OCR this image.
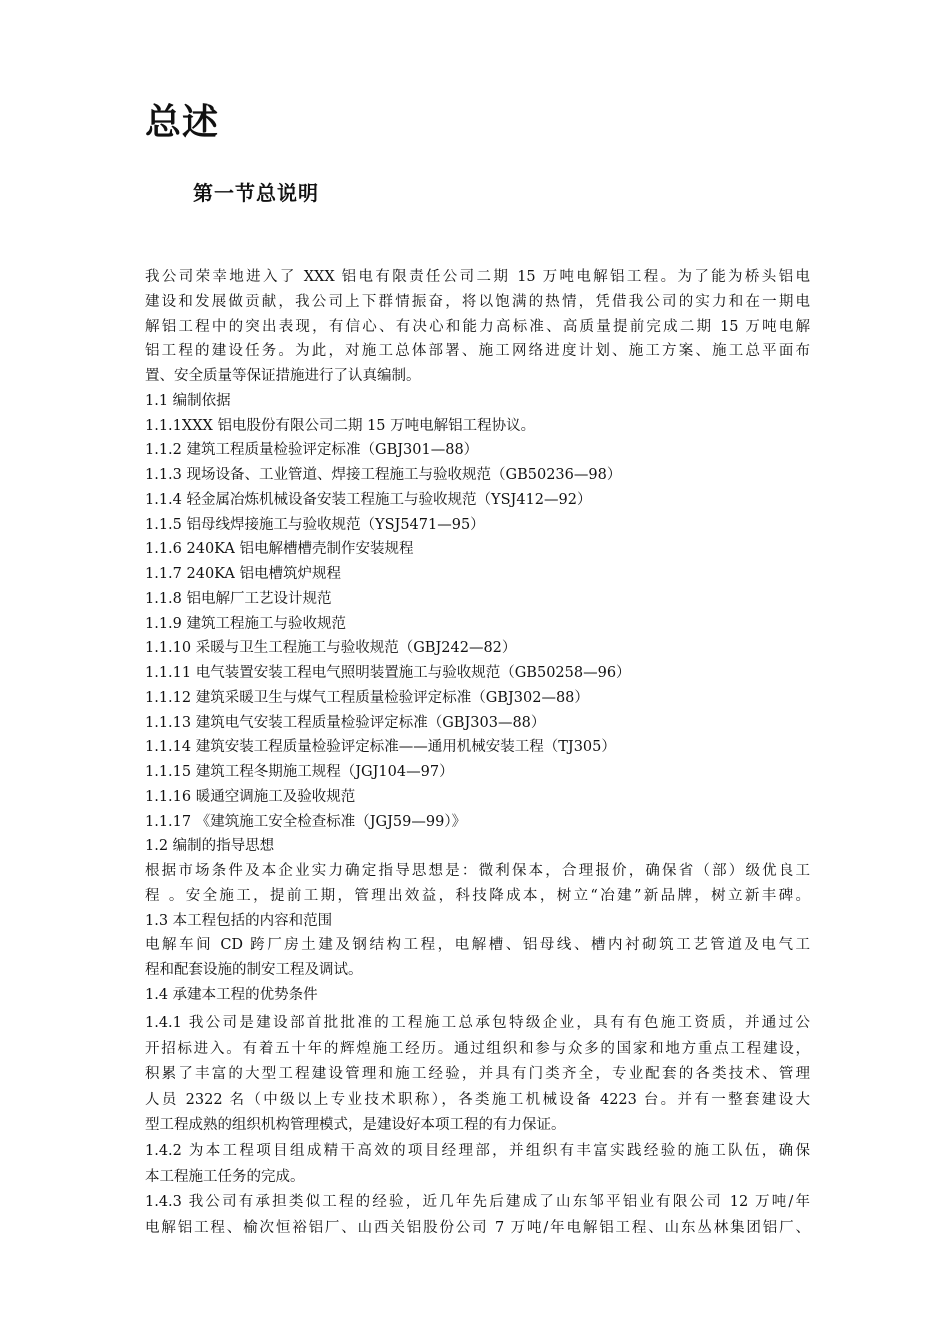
总述
第一节总说明
我公司荣幸地进入了 XXX 铝电有限责任公司二期 15 万吨电解铝工程。为了能为桥头铝电
建设和发展做贡献，我公司上下群情振奋，将以饱满的热情，凭借我公司的实力和在一期电
解铝工程中的突出表现，有信心、有决心和能力高标准、高质量提前完成二期 15 万吨电解
铝工程的建设任务。为此，对施工总体部署、施工网络进度计划、施工方案、施工总平面布
置、安全质量等保证措施进行了认真编制。
1.1 编制依据
1.1.1XXX 铝电股份有限公司二期 15 万吨电解铝工程协议。
1.1.2 建筑工程质量检验评定标准（GBJ301—88）
1.1.3 现场设备、工业管道、焊接工程施工与验收规范（GB50236—98）
1.1.4 轻金属冶炼机械设备安装工程施工与验收规范（YSJ412—92）
1.1.5 铝母线焊接施工与验收规范（YSJ5471—95）
1.1.6 240KA 铝电解槽槽壳制作安装规程
1.1.7 240KA 铝电槽筑炉规程
1.1.8 铝电解厂工艺设计规范
1.1.9 建筑工程施工与验收规范
1.1.10 采暖与卫生工程施工与验收规范（GBJ242—82）
1.1.11 电气装置安装工程电气照明装置施工与验收规范（GB50258—96）
1.1.12 建筑采暖卫生与煤气工程质量检验评定标准（GBJ302—88）
1.1.13 建筑电气安装工程质量检验评定标准（GBJ303—88）
1.1.14 建筑安装工程质量检验评定标准——通用机械安装工程（TJ305）
1.1.15 建筑工程冬期施工规程（JGJ104—97）
1.1.16 暖通空调施工及验收规范
1.1.17 《建筑施工安全检查标准（JGJ59—99）》
1.2 编制的指导思想
根据市场条件及本企业实力确定指导思想是：微利保本，合理报价，确保省（部）级优良工
程 。安全施工，提前工期，管理出效益，科技降成本，树立“冶建”新品牌，树立新丰碑。
1.3 本工程包括的内容和范围
电解车间 CD 跨厂房土建及钢结构工程，电解槽、铝母线、槽内衬砌筑工艺管道及电气工
程和配套设施的制安工程及调试。
1.4 承建本工程的优势条件
1.4.1 我公司是建设部首批批准的工程施工总承包特级企业，具有有色施工资质，并通过公
开招标进入。有着五十年的辉煌施工经历。通过组织和参与众多的国家和地方重点工程建设，
积累了丰富的大型工程建设管理和施工经验，并具有门类齐全，专业配套的各类技术、管理
人员 2322 名（中级以上专业技术职称），各类施工机械设备 4223 台。并有一整套建设大
型工程成熟的组织机构管理模式，是建设好本项工程的有力保证。
1.4.2 为本工程项目组成精干高效的项目经理部，并组织有丰富实践经验的施工队伍，确保
本工程施工任务的完成。
1.4.3 我公司有承担类似工程的经验，近几年先后建成了山东邹平铝业有限公司 12 万吨/年
电解铝工程、榆次恒裕铝厂、山西关铝股份公司 7 万吨/年电解铝工程、山东丛林集团铝厂、
